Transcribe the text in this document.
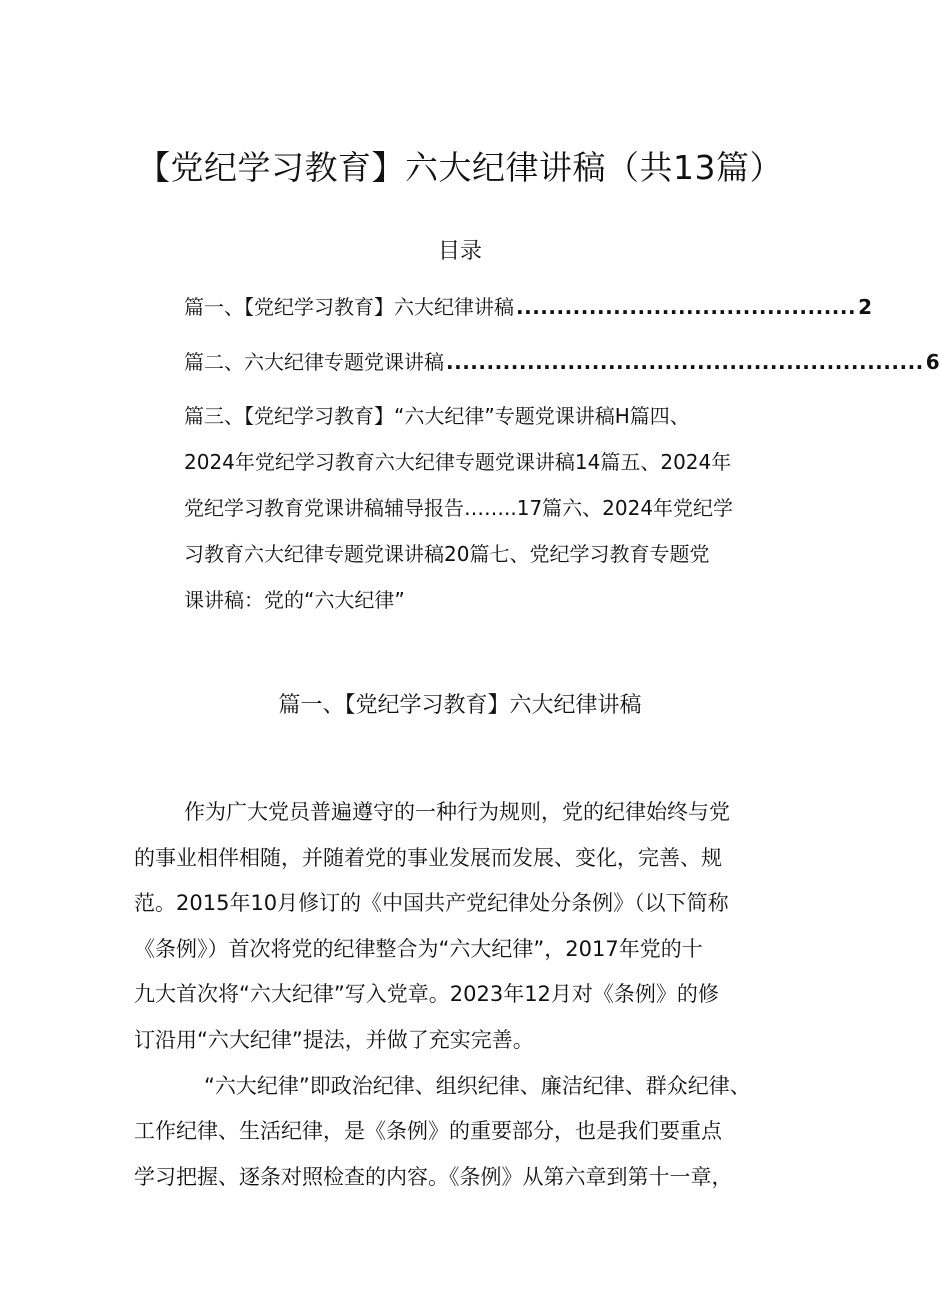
【党纪学习教育】六大纪律讲稿（共13篇）
目录
篇一、【党纪学习教育】六大纪律讲稿 .......................................... 2
篇二、六大纪律专题党课讲稿 ........................................................... 6
篇三、【党纪学习教育】“六大纪律”专题党课讲稿H篇四、
2024年党纪学习教育六大纪律专题党课讲稿14篇五、2024年
党纪学习教育党课讲稿辅导报告……..17篇六、2024年党纪学
习教育六大纪律专题党课讲稿20篇七、党纪学习教育专题党
课讲稿：党的“六大纪律”
篇一、【党纪学习教育】六大纪律讲稿
作为广大党员普遍遵守的一种行为规则，党的纪律始终与党
的事业相伴相随，并随着党的事业发展而发展、变化，完善、规
范。2015年10月修订的《中国共产党纪律处分条例》（以下简称
《条例》）首次将党的纪律整合为“六大纪律”，2017年党的十
九大首次将“六大纪律”写入党章。2023年12月对《条例》的修
订沿用“六大纪律”提法，并做了充实完善。
“六大纪律”即政治纪律、组织纪律、廉洁纪律、群众纪律、
工作纪律、生活纪律，是《条例》的重要部分，也是我们要重点
学习把握、逐条对照检查的内容。《条例》从第六章到第十一章，
